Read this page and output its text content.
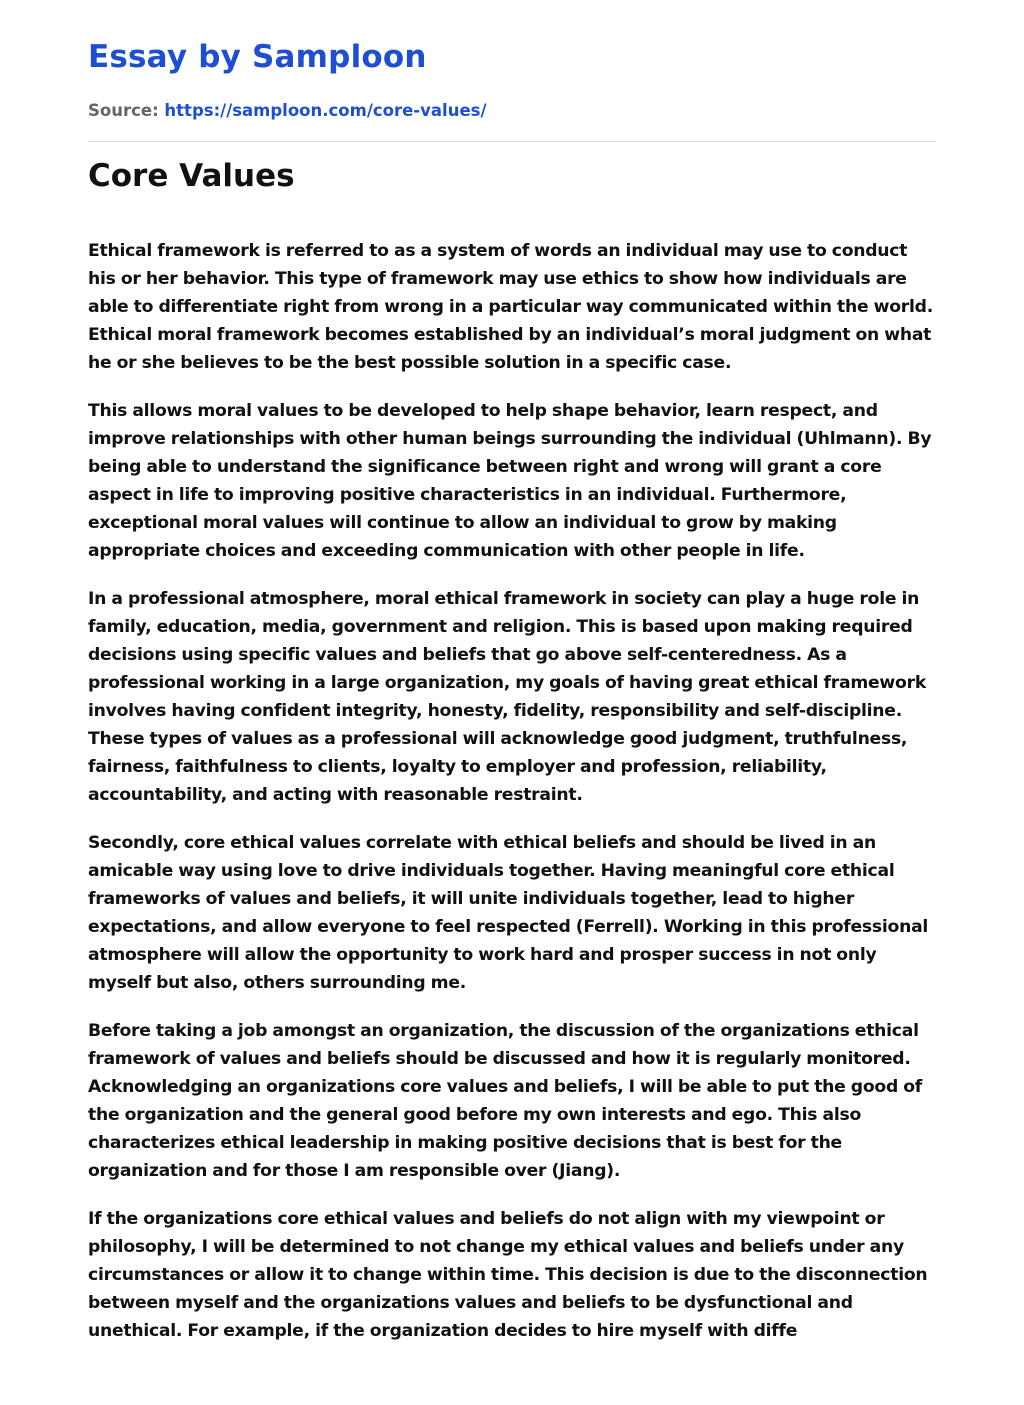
Essay by Samploon
Source: https://samploon.com/core-values/
Core Values

Ethical framework is referred to as a system of words an individual may use to conduct his or her behavior. This type of framework may use ethics to show how individuals are able to differentiate right from wrong in a particular way communicated within the world. Ethical moral framework becomes established by an individual’s moral judgment on what he or she believes to be the best possible solution in a specific case.

This allows moral values to be developed to help shape behavior, learn respect, and improve relationships with other human beings surrounding the individual (Uhlmann). By being able to understand the significance between right and wrong will grant a core aspect in life to improving positive characteristics in an individual. Furthermore, exceptional moral values will continue to allow an individual to grow by making appropriate choices and exceeding communication with other people in life.

In a professional atmosphere, moral ethical framework in society can play a huge role in family, education, media, government and religion. This is based upon making required decisions using specific values and beliefs that go above self-centeredness. As a professional working in a large organization, my goals of having great ethical framework involves having confident integrity, honesty, fidelity, responsibility and self-discipline. These types of values as a professional will acknowledge good judgment, truthfulness, fairness, faithfulness to clients, loyalty to employer and profession, reliability, accountability, and acting with reasonable restraint.

Secondly, core ethical values correlate with ethical beliefs and should be lived in an amicable way using love to drive individuals together. Having meaningful core ethical frameworks of values and beliefs, it will unite individuals together, lead to higher expectations, and allow everyone to feel respected (Ferrell). Working in this professional atmosphere will allow the opportunity to work hard and prosper success in not only myself but also, others surrounding me.

Before taking a job amongst an organization, the discussion of the organizations ethical framework of values and beliefs should be discussed and how it is regularly monitored. Acknowledging an organizations core values and beliefs, I will be able to put the good of the organization and the general good before my own interests and ego. This also characterizes ethical leadership in making positive decisions that is best for the organization and for those I am responsible over (Jiang).

If the organizations core ethical values and beliefs do not align with my viewpoint or philosophy, I will be determined to not change my ethical values and beliefs under any circumstances or allow it to change within time. This decision is due to the disconnection between myself and the organizations values and beliefs to be dysfunctional and unethical. For example, if the organization decides to hire myself with diffe
